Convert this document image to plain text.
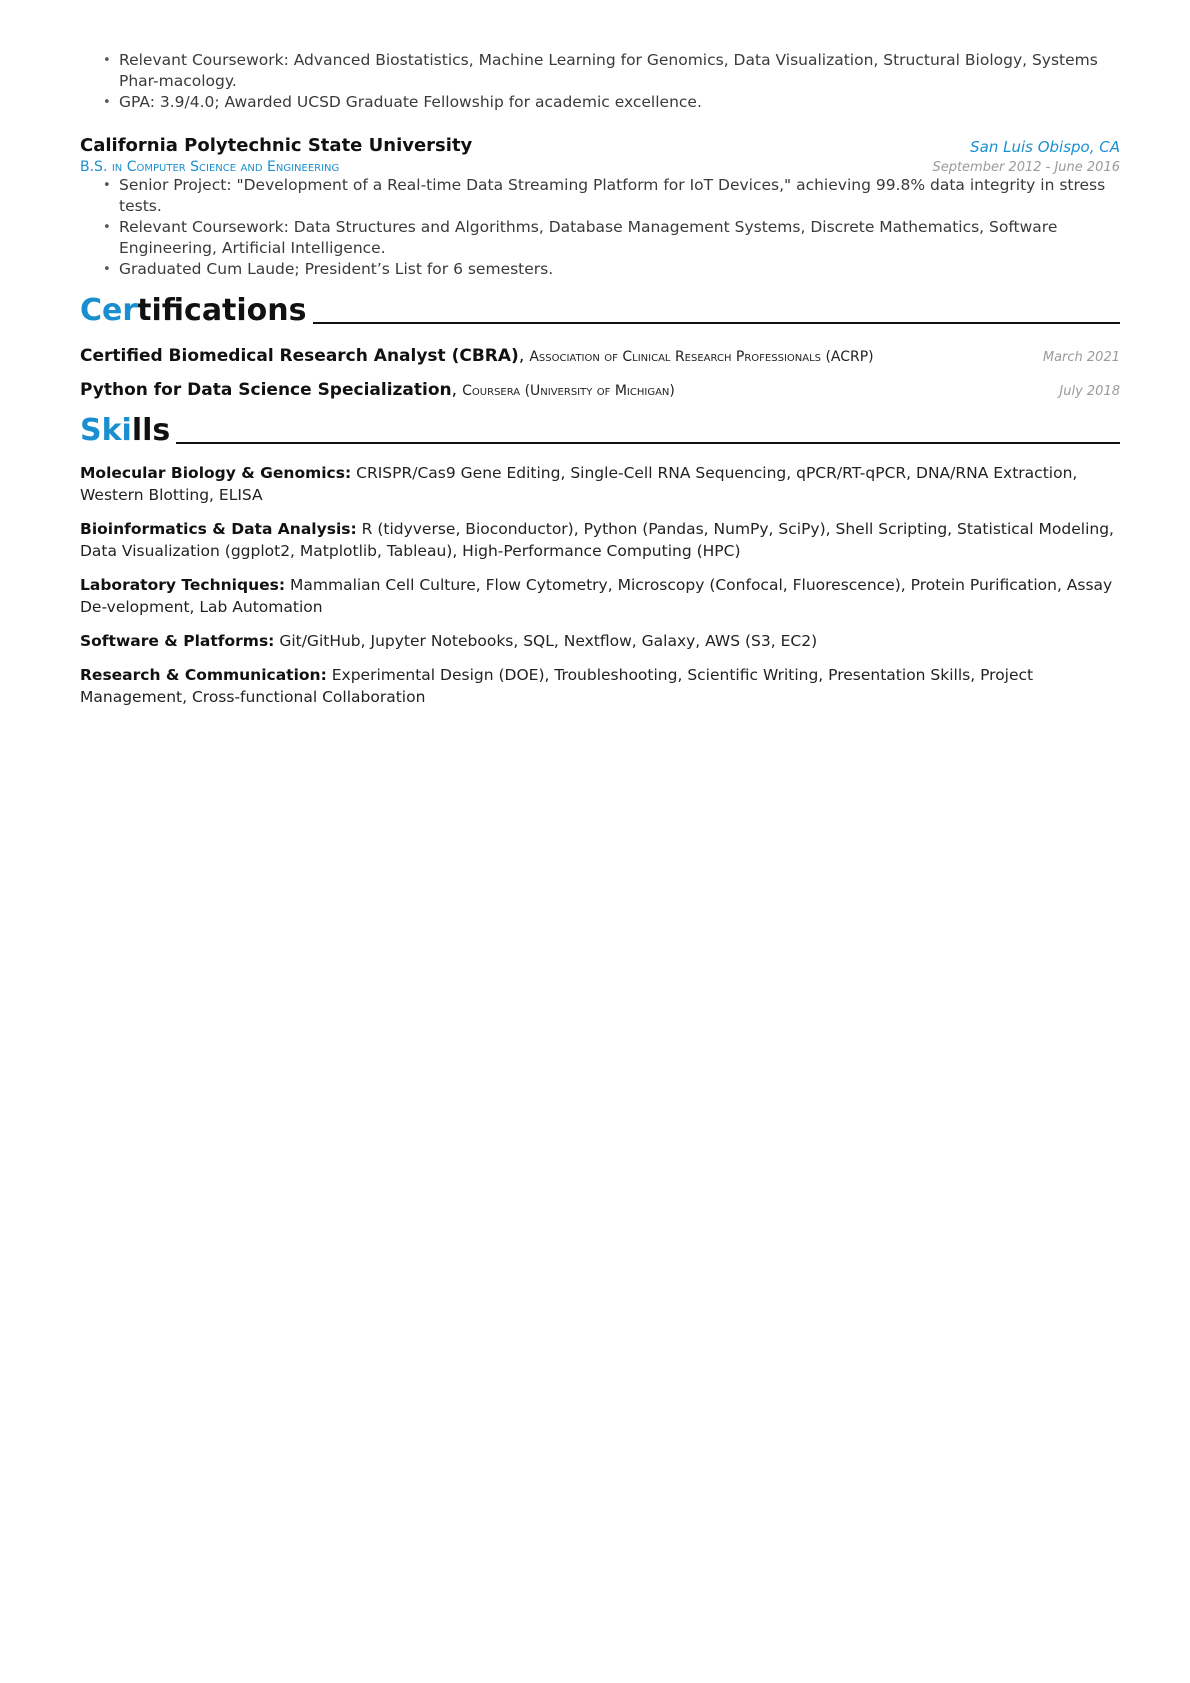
• Relevant Coursework: Advanced Biostatistics, Machine Learning for Genomics, Data Visualization, Structural Biology, Systems Phar-macology.
• GPA: 3.9/4.0; Awarded UCSD Graduate Fellowship for academic excellence.
California Polytechnic State University	San Luis Obispo, CA
B.S. in Computer Science and Engineering	September 2012 - June 2016
• Senior Project: "Development of a Real-time Data Streaming Platform for IoT Devices," achieving 99.8% data integrity in stress tests.
• Relevant Coursework: Data Structures and Algorithms, Database Management Systems, Discrete Mathematics, Software Engineering, Artificial Intelligence.
• Graduated Cum Laude; President’s List for 6 semesters.
Certifications
Certified Biomedical Research Analyst (CBRA), Association of Clinical Research Professionals (ACRP)	March 2021
Python for Data Science Specialization, Coursera (University of Michigan)	July 2018
Skills
Molecular Biology & Genomics: CRISPR/Cas9 Gene Editing, Single-Cell RNA Sequencing, qPCR/RT-qPCR, DNA/RNA Extraction, Western Blotting, ELISA
Bioinformatics & Data Analysis: R (tidyverse, Bioconductor), Python (Pandas, NumPy, SciPy), Shell Scripting, Statistical Modeling, Data Visualization (ggplot2, Matplotlib, Tableau), High-Performance Computing (HPC)
Laboratory Techniques: Mammalian Cell Culture, Flow Cytometry, Microscopy (Confocal, Fluorescence), Protein Purification, Assay De-velopment, Lab Automation
Software & Platforms: Git/GitHub, Jupyter Notebooks, SQL, Nextflow, Galaxy, AWS (S3, EC2)
Research & Communication: Experimental Design (DOE), Troubleshooting, Scientific Writing, Presentation Skills, Project Management, Cross-functional Collaboration
